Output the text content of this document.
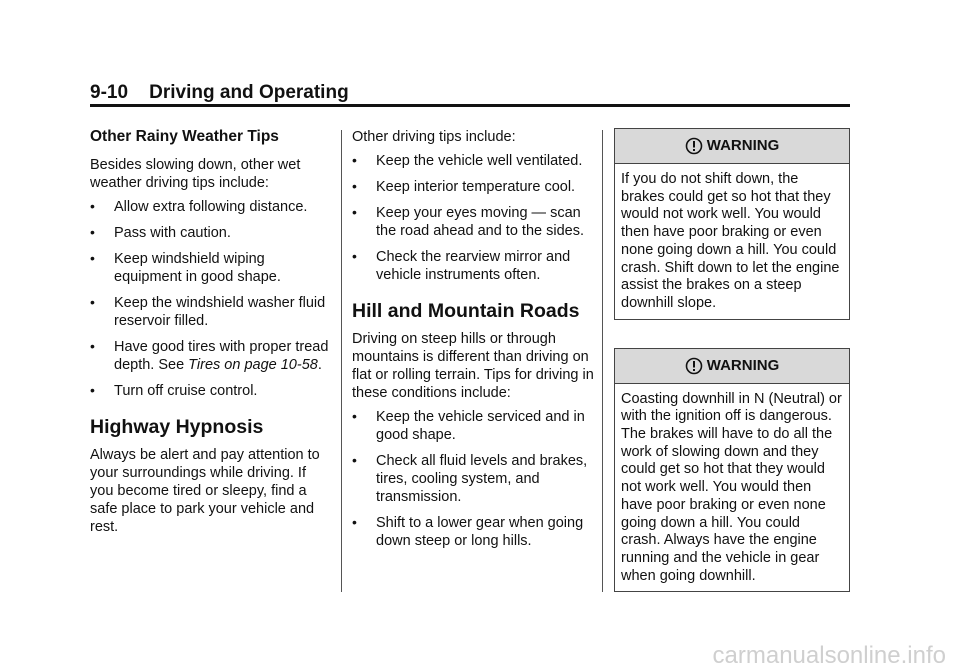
9-10 Driving and Operating
Other Rainy Weather Tips

Besides slowing down, other wet weather driving tips include:

• Allow extra following distance.
• Pass with caution.
• Keep windshield wiping equipment in good shape.
• Keep the windshield washer fluid reservoir filled.
• Have good tires with proper tread depth. See Tires on page 10-58.
• Turn off cruise control.
Highway Hypnosis

Always be alert and pay attention to your surroundings while driving. If you become tired or sleepy, find a safe place to park your vehicle and rest.

Other driving tips include:

• Keep the vehicle well ventilated.
• Keep interior temperature cool.
• Keep your eyes moving — scan the road ahead and to the sides.
• Check the rearview mirror and vehicle instruments often.
Hill and Mountain Roads

Driving on steep hills or through mountains is different than driving on flat or rolling terrain. Tips for driving in these conditions include:

• Keep the vehicle serviced and in good shape.
• Check all fluid levels and brakes, tires, cooling system, and transmission.
• Shift to a lower gear when going down steep or long hills.
WARNING
If you do not shift down, the brakes could get so hot that they would not work well. You would then have poor braking or even none going down a hill. You could crash. Shift down to let the engine assist the brakes on a steep downhill slope.
WARNING
Coasting downhill in N (Neutral) or with the ignition off is dangerous. The brakes will have to do all the work of slowing down and they could get so hot that they would not work well. You would then have poor braking or even none going down a hill. You could crash. Always have the engine running and the vehicle in gear when going downhill.
carmanualsonline.info
